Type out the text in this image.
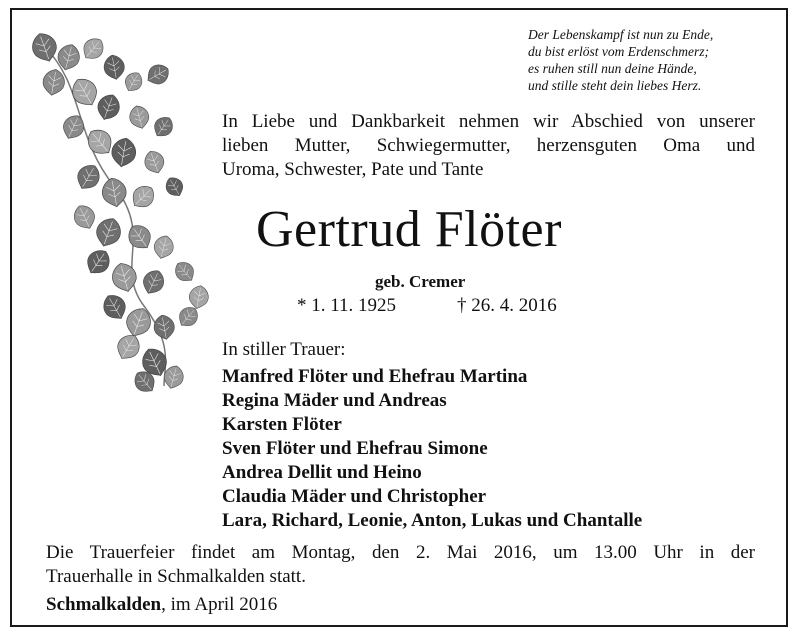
Der Lebenskampf ist nun zu Ende,
du bist erlöst vom Erdenschmerz;
es ruhen still nun deine Hände,
und stille steht dein liebes Herz.
In Liebe und Dankbarkeit nehmen wir Abschied von unserer
lieben Mutter, Schwiegermutter, herzensguten Oma und
Uroma, Schwester, Pate und Tante
Gertrud Flöter
geb. Cremer
* 1. 11. 1925	† 26. 4. 2016
In stiller Trauer:
Manfred Flöter und Ehefrau Martina
Regina Mäder und Andreas
Karsten Flöter
Sven Flöter und Ehefrau Simone
Andrea Dellit und Heino
Claudia Mäder und Christopher
Lara, Richard, Leonie, Anton, Lukas und Chantalle
Die Trauerfeier findet am Montag, den 2. Mai 2016, um 13.00 Uhr in der
Trauerhalle in Schmalkalden statt.
Schmalkalden, im April 2016
